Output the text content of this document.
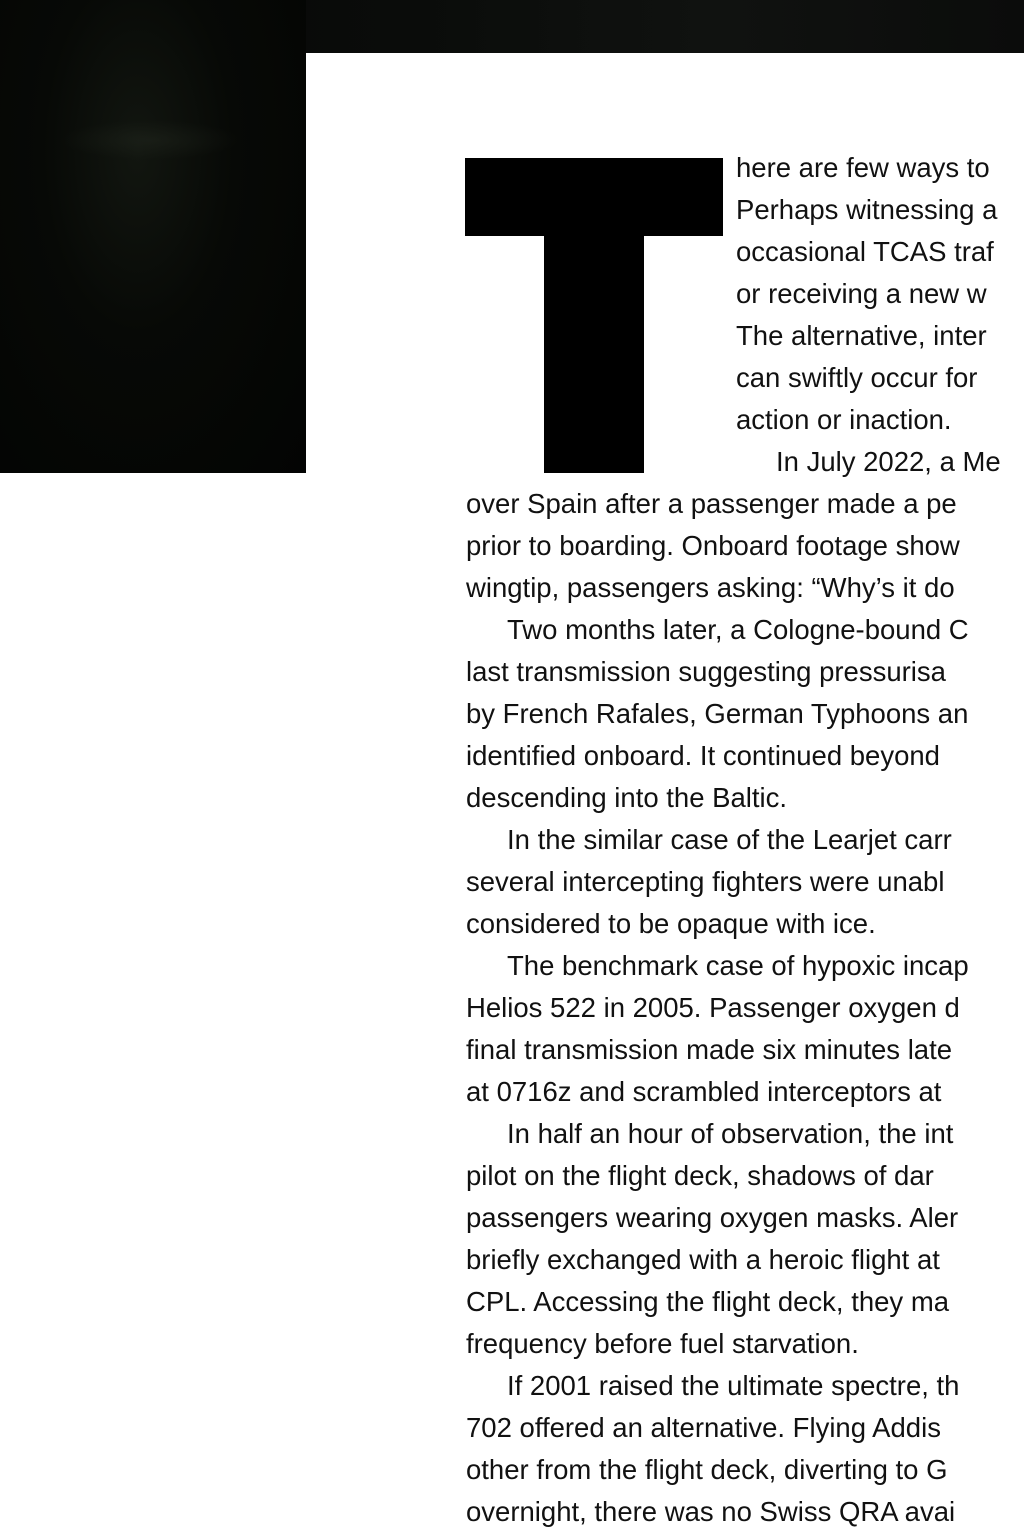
here are few ways to
Perhaps witnessing a
occasional TCAS traf
or receiving a new w
The alternative, inter
can swiftly occur for
action or inaction.
In July 2022, a Me
over Spain after a passenger made a pe
prior to boarding. Onboard footage show
wingtip, passengers asking: “Why’s it do
Two months later, a Cologne-bound C
last transmission suggesting pressurisa
by French Rafales, German Typhoons an
identified onboard. It continued beyond
descending into the Baltic.
In the similar case of the Learjet carr
several intercepting fighters were unabl
considered to be opaque with ice.
The benchmark case of hypoxic incap
Helios 522 in 2005. Passenger oxygen d
final transmission made six minutes late
at 0716z and scrambled interceptors at
In half an hour of observation, the int
pilot on the flight deck, shadows of dar
passengers wearing oxygen masks. Aler
briefly exchanged with a heroic flight at
CPL. Accessing the flight deck, they ma
frequency before fuel starvation.
If 2001 raised the ultimate spectre, th
702 offered an alternative. Flying Addis
other from the flight deck, diverting to G
overnight, there was no Swiss QRA avai
